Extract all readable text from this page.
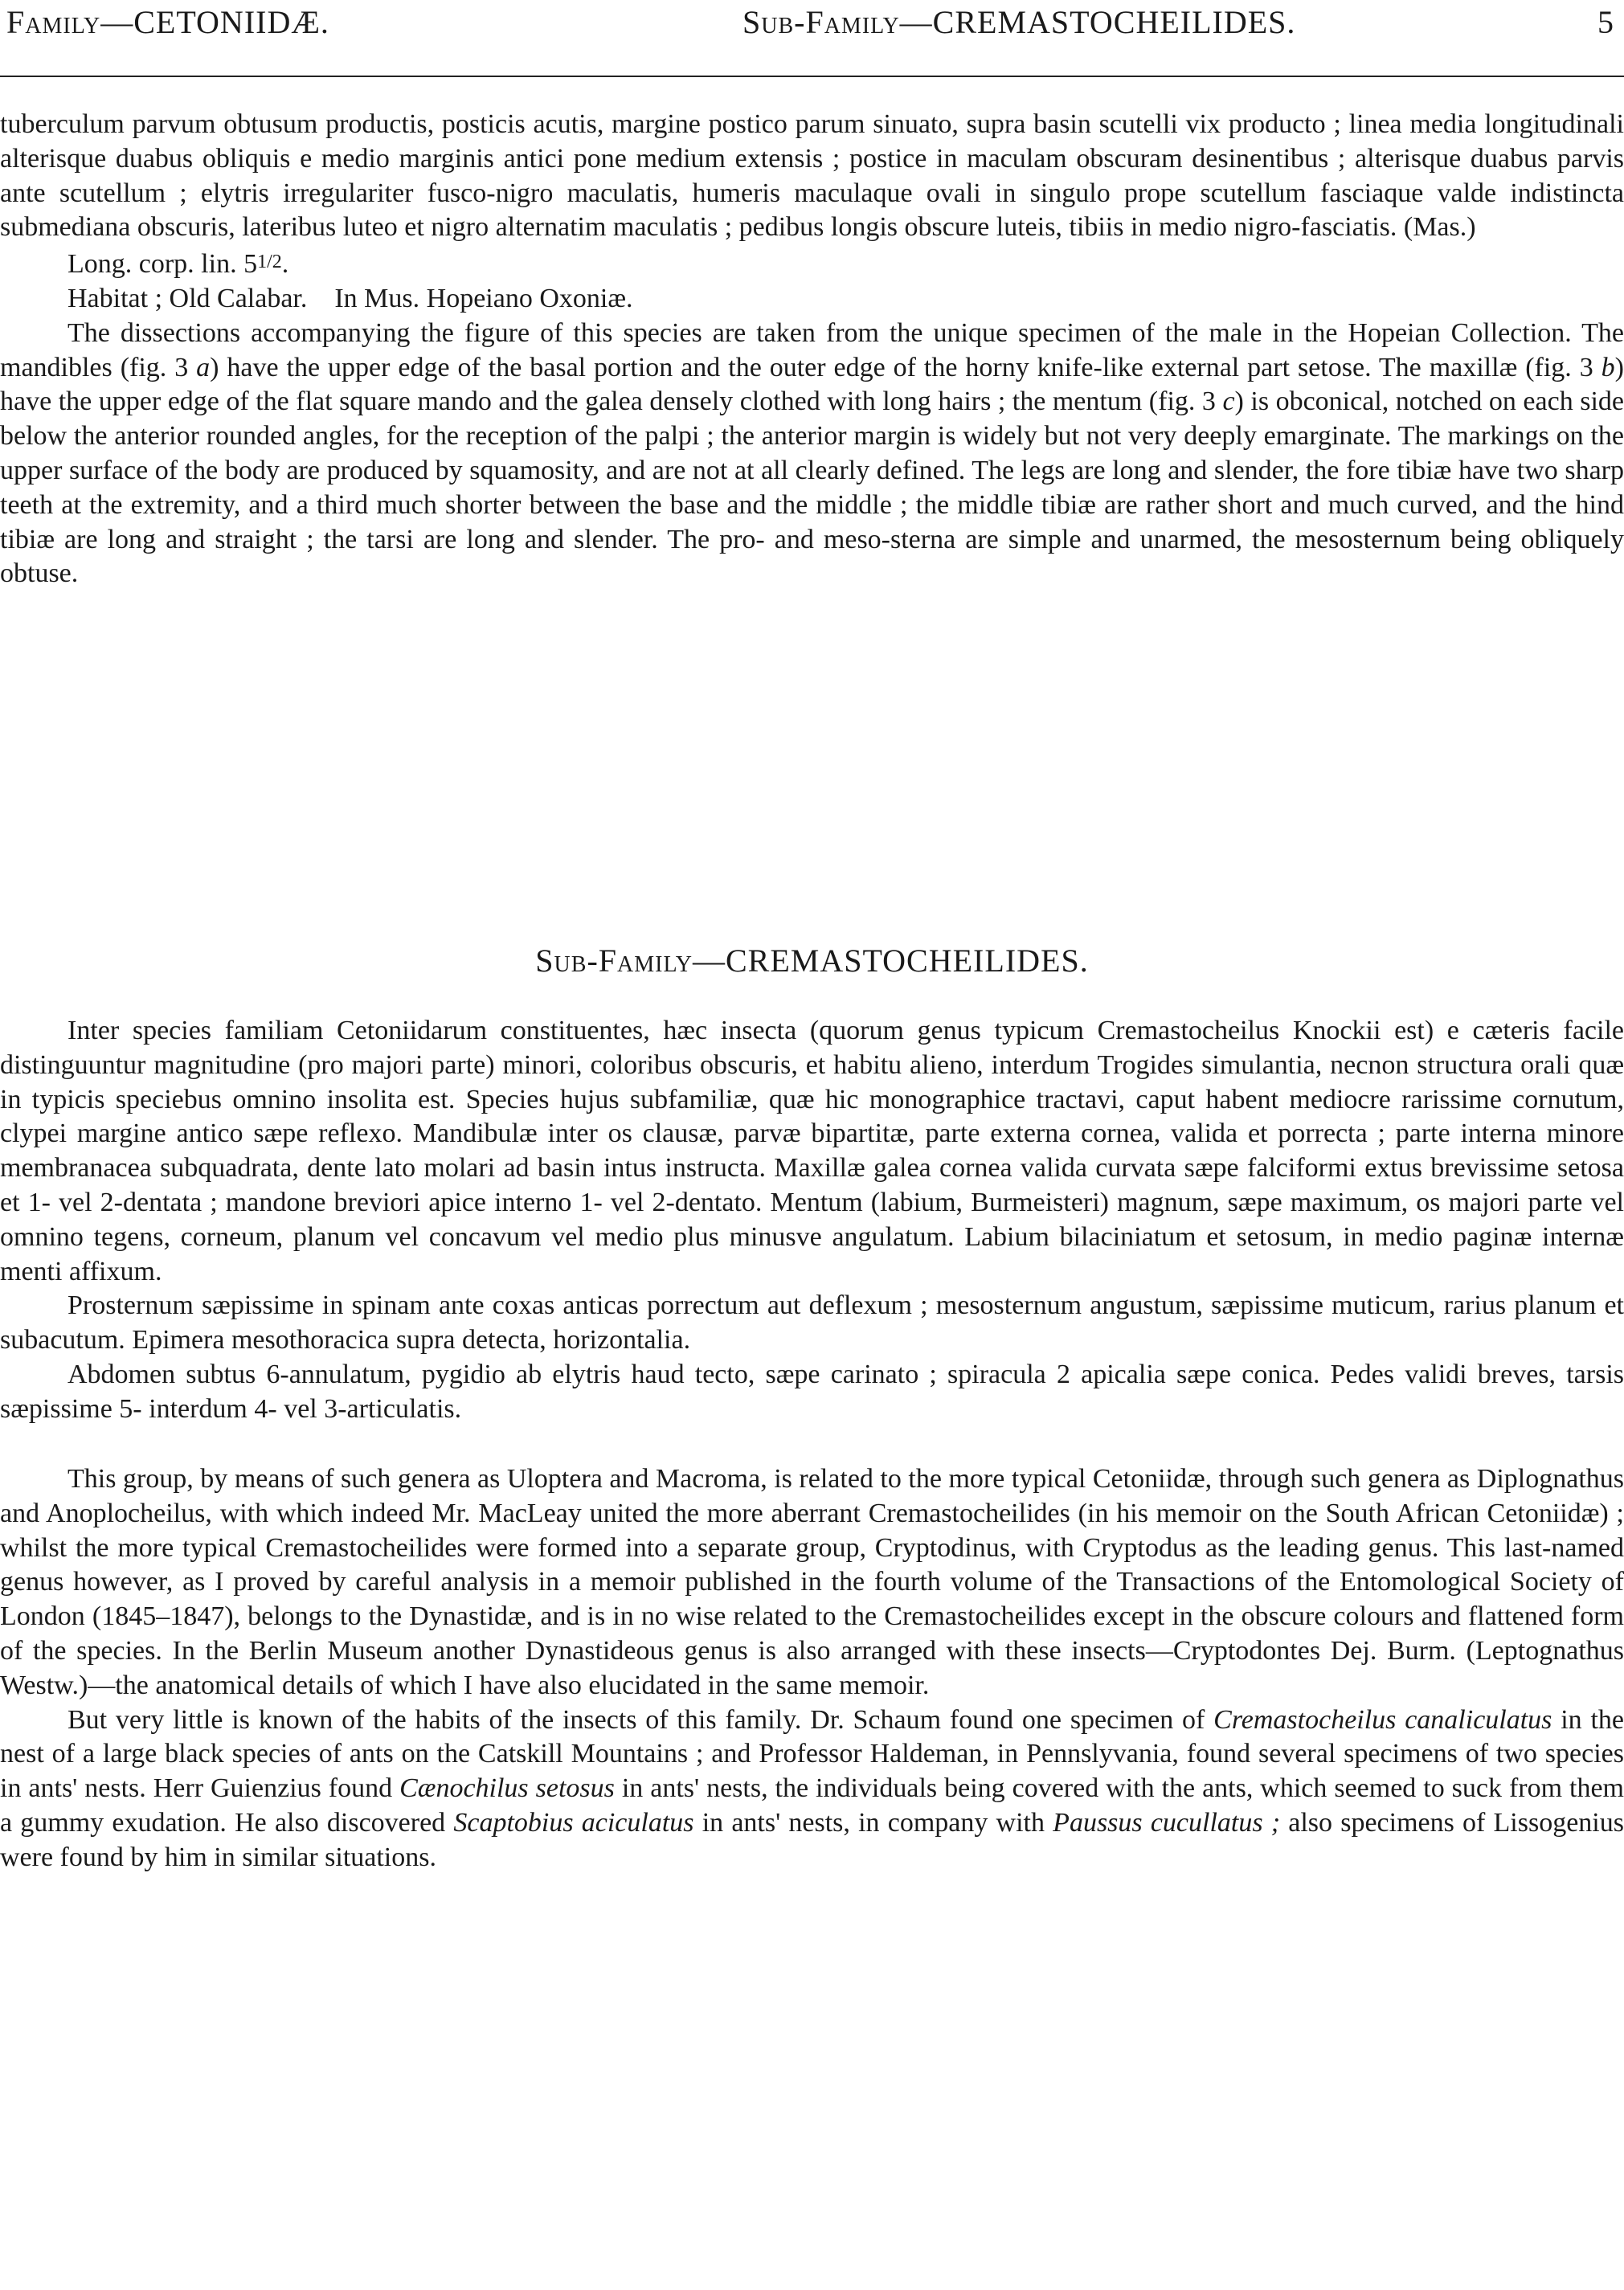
Family—CETONIIDÆ.	Sub-Family—CREMASTOCHEILIDES.	5

tuberculum parvum obtusum productis, posticis acutis, margine postico parum sinuato, supra basin scutelli vix producto ; linea media longitudinali alterisque duabus obliquis e medio marginis antici pone medium extensis ; postice in maculam obscuram desinentibus ; alterisque duabus parvis ante scutellum ; elytris irregulariter fusco-nigro maculatis, humeris maculaque ovali in singulo prope scutellum fasciaque valde indistincta submediana obscuris, lateribus luteo et nigro alternatim maculatis ; pedibus longis obscure luteis, tibiis in medio nigro-fasciatis. (Mas.)

Long. corp. lin. 51/2.

Habitat ; Old Calabar.    In Mus. Hopeiano Oxoniæ.

The dissections accompanying the figure of this species are taken from the unique specimen of the male in the Hopeian Collection. The mandibles (fig. 3 a) have the upper edge of the basal portion and the outer edge of the horny knife-like external part setose. The maxillæ (fig. 3 b) have the upper edge of the flat square mando and the galea densely clothed with long hairs ; the mentum (fig. 3 c) is obconical, notched on each side below the anterior rounded angles, for the reception of the palpi ; the anterior margin is widely but not very deeply emarginate. The markings on the upper surface of the body are produced by squamosity, and are not at all clearly defined. The legs are long and slender, the fore tibiæ have two sharp teeth at the extremity, and a third much shorter between the base and the middle ; the middle tibiæ are rather short and much curved, and the hind tibiæ are long and straight ; the tarsi are long and slender. The pro- and meso-sterna are simple and unarmed, the mesosternum being obliquely obtuse.

Sub-Family—CREMASTOCHEILIDES.

Inter species familiam Cetoniidarum constituentes, hæc insecta (quorum genus typicum Cremastocheilus Knockii est) e cæteris facile distinguuntur magnitudine (pro majori parte) minori, coloribus obscuris, et habitu alieno, interdum Trogides simulantia, necnon structura orali quæ in typicis speciebus omnino insolita est. Species hujus subfamiliæ, quæ hic monographice tractavi, caput habent mediocre rarissime cornutum, clypei margine antico sæpe reflexo. Mandibulæ inter os clausæ, parvæ bipartitæ, parte externa cornea, valida et porrecta ; parte interna minore membranacea subquadrata, dente lato molari ad basin intus instructa. Maxillæ galea cornea valida curvata sæpe falciformi extus brevissime setosa et 1- vel 2-dentata ; mandone breviori apice interno 1- vel 2-dentato. Mentum (labium, Burmeisteri) magnum, sæpe maximum, os majori parte vel omnino tegens, corneum, planum vel concavum vel medio plus minusve angulatum. Labium bilaciniatum et setosum, in medio paginæ internæ menti affixum.

Prosternum sæpissime in spinam ante coxas anticas porrectum aut deflexum ; mesosternum angustum, sæpissime muticum, rarius planum et subacutum. Epimera mesothoracica supra detecta, horizontalia.

Abdomen subtus 6-annulatum, pygidio ab elytris haud tecto, sæpe carinato ; spiracula 2 apicalia sæpe conica. Pedes validi breves, tarsis sæpissime 5- interdum 4- vel 3-articulatis.

This group, by means of such genera as Uloptera and Macroma, is related to the more typical Cetoniidæ, through such genera as Diplognathus and Anoplocheilus, with which indeed Mr. MacLeay united the more aberrant Cremastocheilides (in his memoir on the South African Cetoniidæ) ; whilst the more typical Cremastocheilides were formed into a separate group, Cryptodinus, with Cryptodus as the leading genus. This last-named genus however, as I proved by careful analysis in a memoir published in the fourth volume of the Transactions of the Entomological Society of London (1845–1847), belongs to the Dynastidæ, and is in no wise related to the Cremastocheilides except in the obscure colours and flattened form of the species. In the Berlin Museum another Dynastideous genus is also arranged with these insects—Cryptodontes Dej. Burm. (Leptognathus Westw.)—the anatomical details of which I have also elucidated in the same memoir.

But very little is known of the habits of the insects of this family. Dr. Schaum found one specimen of Cremastocheilus canaliculatus in the nest of a large black species of ants on the Catskill Mountains ; and Professor Haldeman, in Pennslyvania, found several specimens of two species in ants' nests. Herr Guienzius found Cænochilus setosus in ants' nests, the individuals being covered with the ants, which seemed to suck from them a gummy exudation. He also discovered Scaptobius aciculatus in ants' nests, in company with Paussus cucullatus ; also specimens of Lissogenius were found by him in similar situations.
